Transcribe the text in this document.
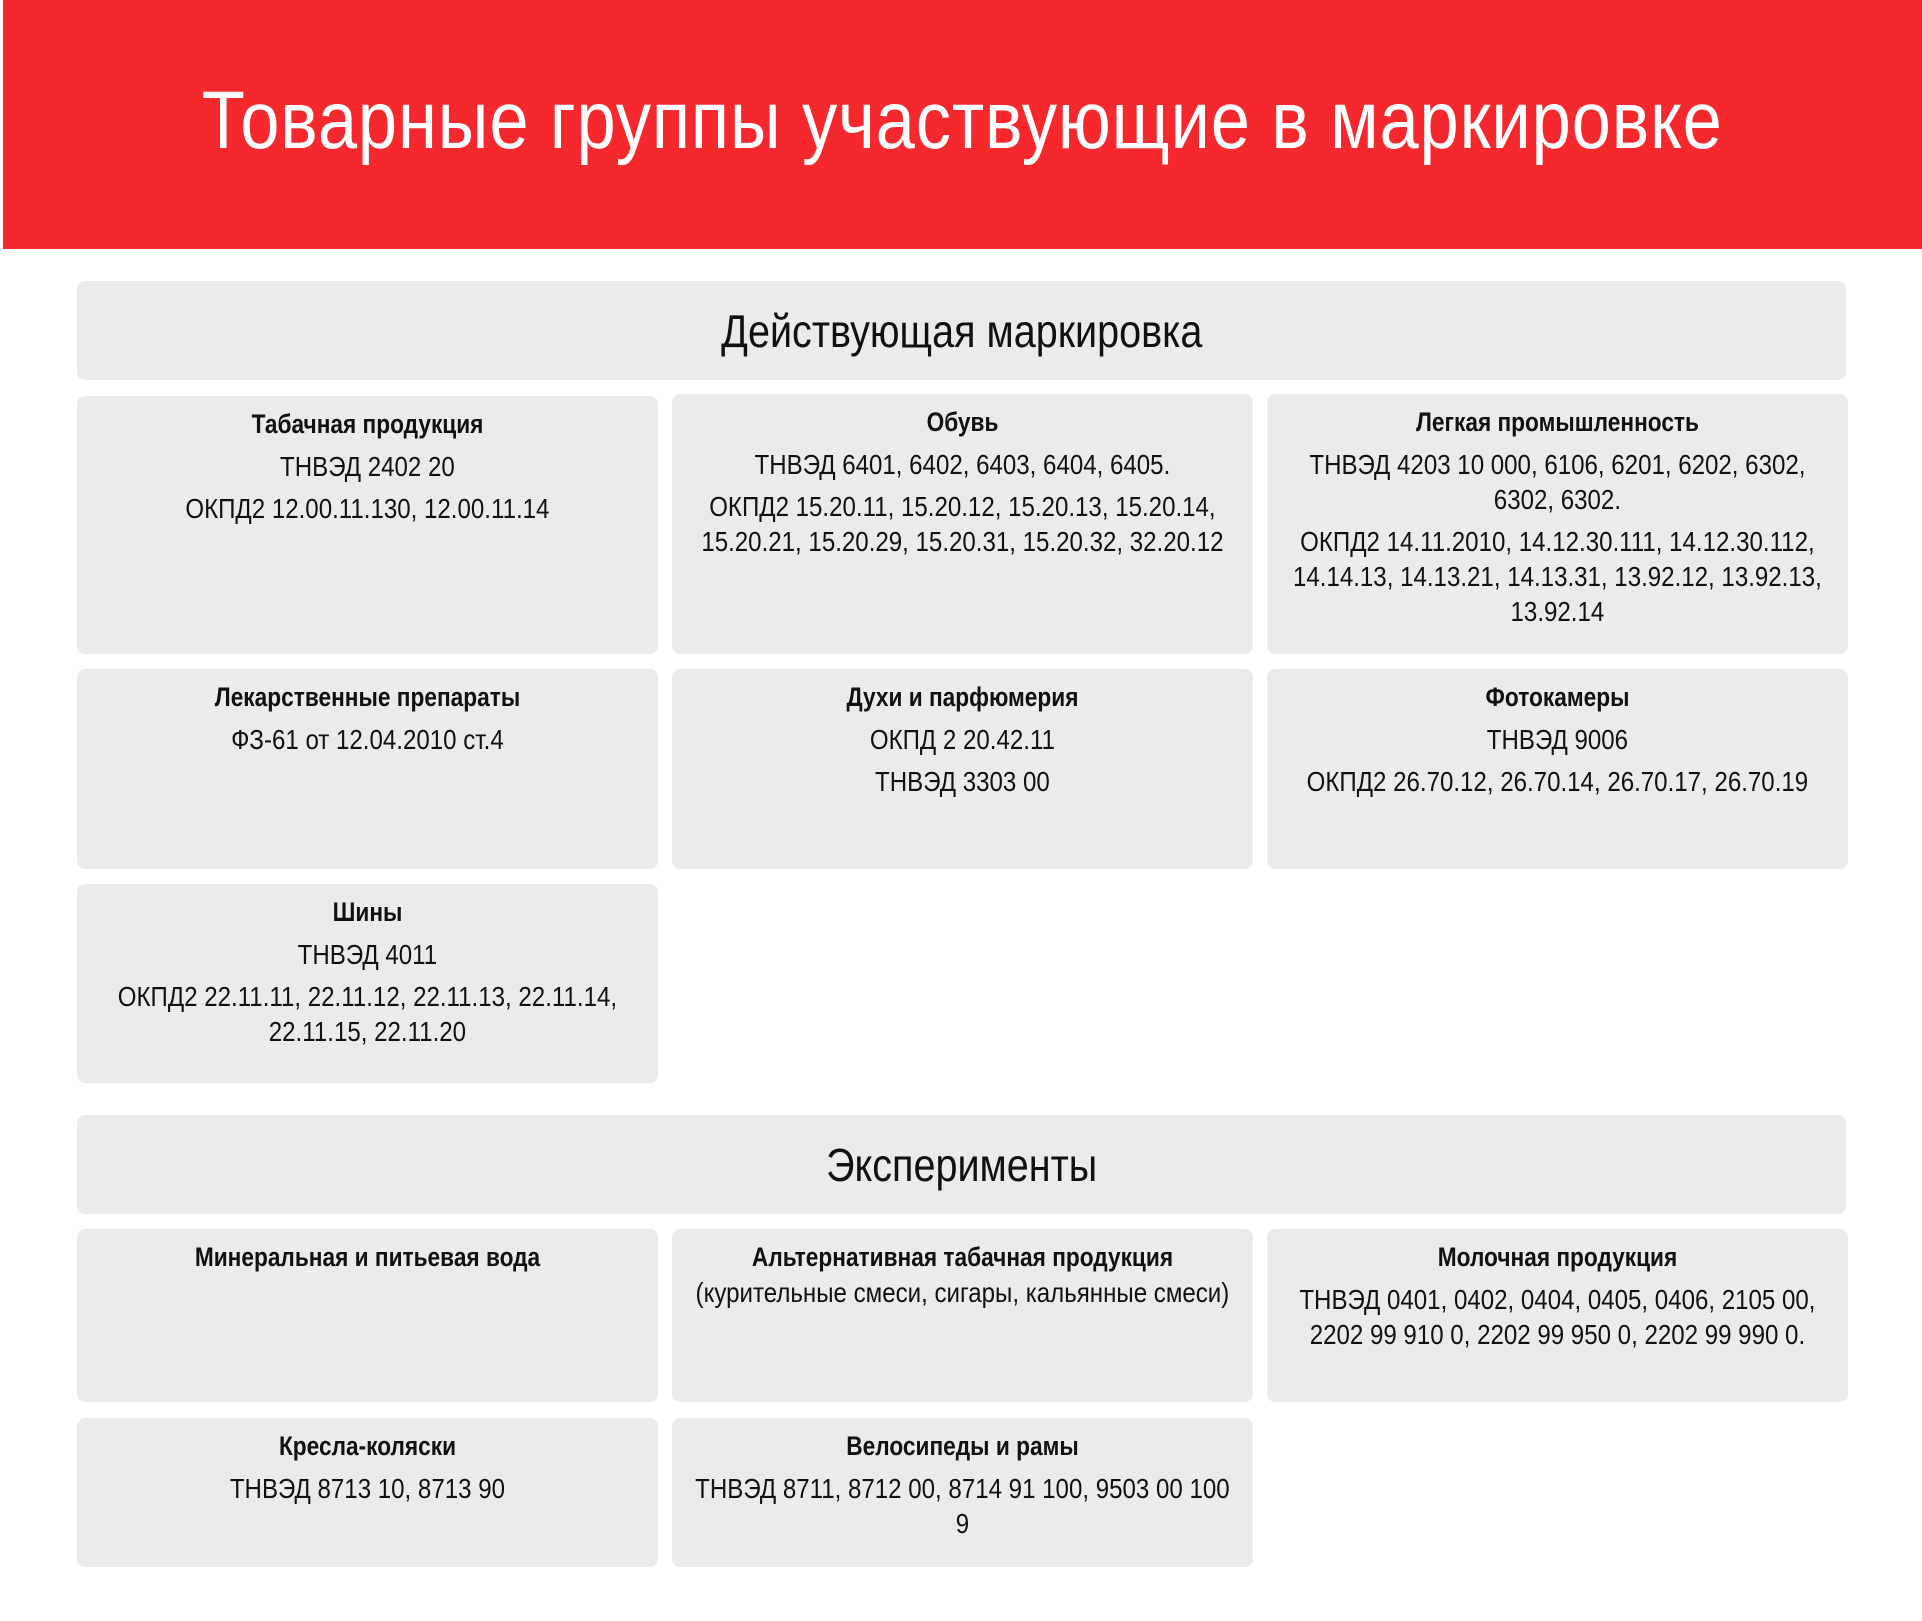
Товарные группы участвующие в маркировке
Действующая маркировка
Табачная продукция
ТНВЭД 2402 20
ОКПД2 12.00.11.130, 12.00.11.14
Обувь
ТНВЭД 6401, 6402, 6403, 6404, 6405.
ОКПД2 15.20.11, 15.20.12, 15.20.13, 15.20.14, 15.20.21, 15.20.29, 15.20.31, 15.20.32, 32.20.12
Легкая промышленность
ТНВЭД 4203 10 000, 6106, 6201, 6202, 6302, 6302, 6302.
ОКПД2 14.11.2010, 14.12.30.111, 14.12.30.112, 14.14.13, 14.13.21, 14.13.31, 13.92.12, 13.92.13, 13.92.14
Лекарственные препараты
ФЗ-61 от 12.04.2010 ст.4
Духи и парфюмерия
ОКПД 2 20.42.11
ТНВЭД 3303 00
Фотокамеры
ТНВЭД 9006
ОКПД2 26.70.12, 26.70.14, 26.70.17, 26.70.19
Шины
ТНВЭД 4011
ОКПД2 22.11.11, 22.11.12, 22.11.13, 22.11.14, 22.11.15, 22.11.20
Эксперименты
Минеральная и питьевая вода	Альтернативная табачная продукция
(курительные смеси, сигары, кальянные смеси)
Молочная продукция
ТНВЭД 0401, 0402, 0404, 0405, 0406, 2105 00, 2202 99 910 0, 2202 99 950 0, 2202 99 990 0.
Кресла-коляски
ТНВЭД 8713 10, 8713 90
Велосипеды и рамы
ТНВЭД 8711, 8712 00, 8714 91 100, 9503 00 100 9
